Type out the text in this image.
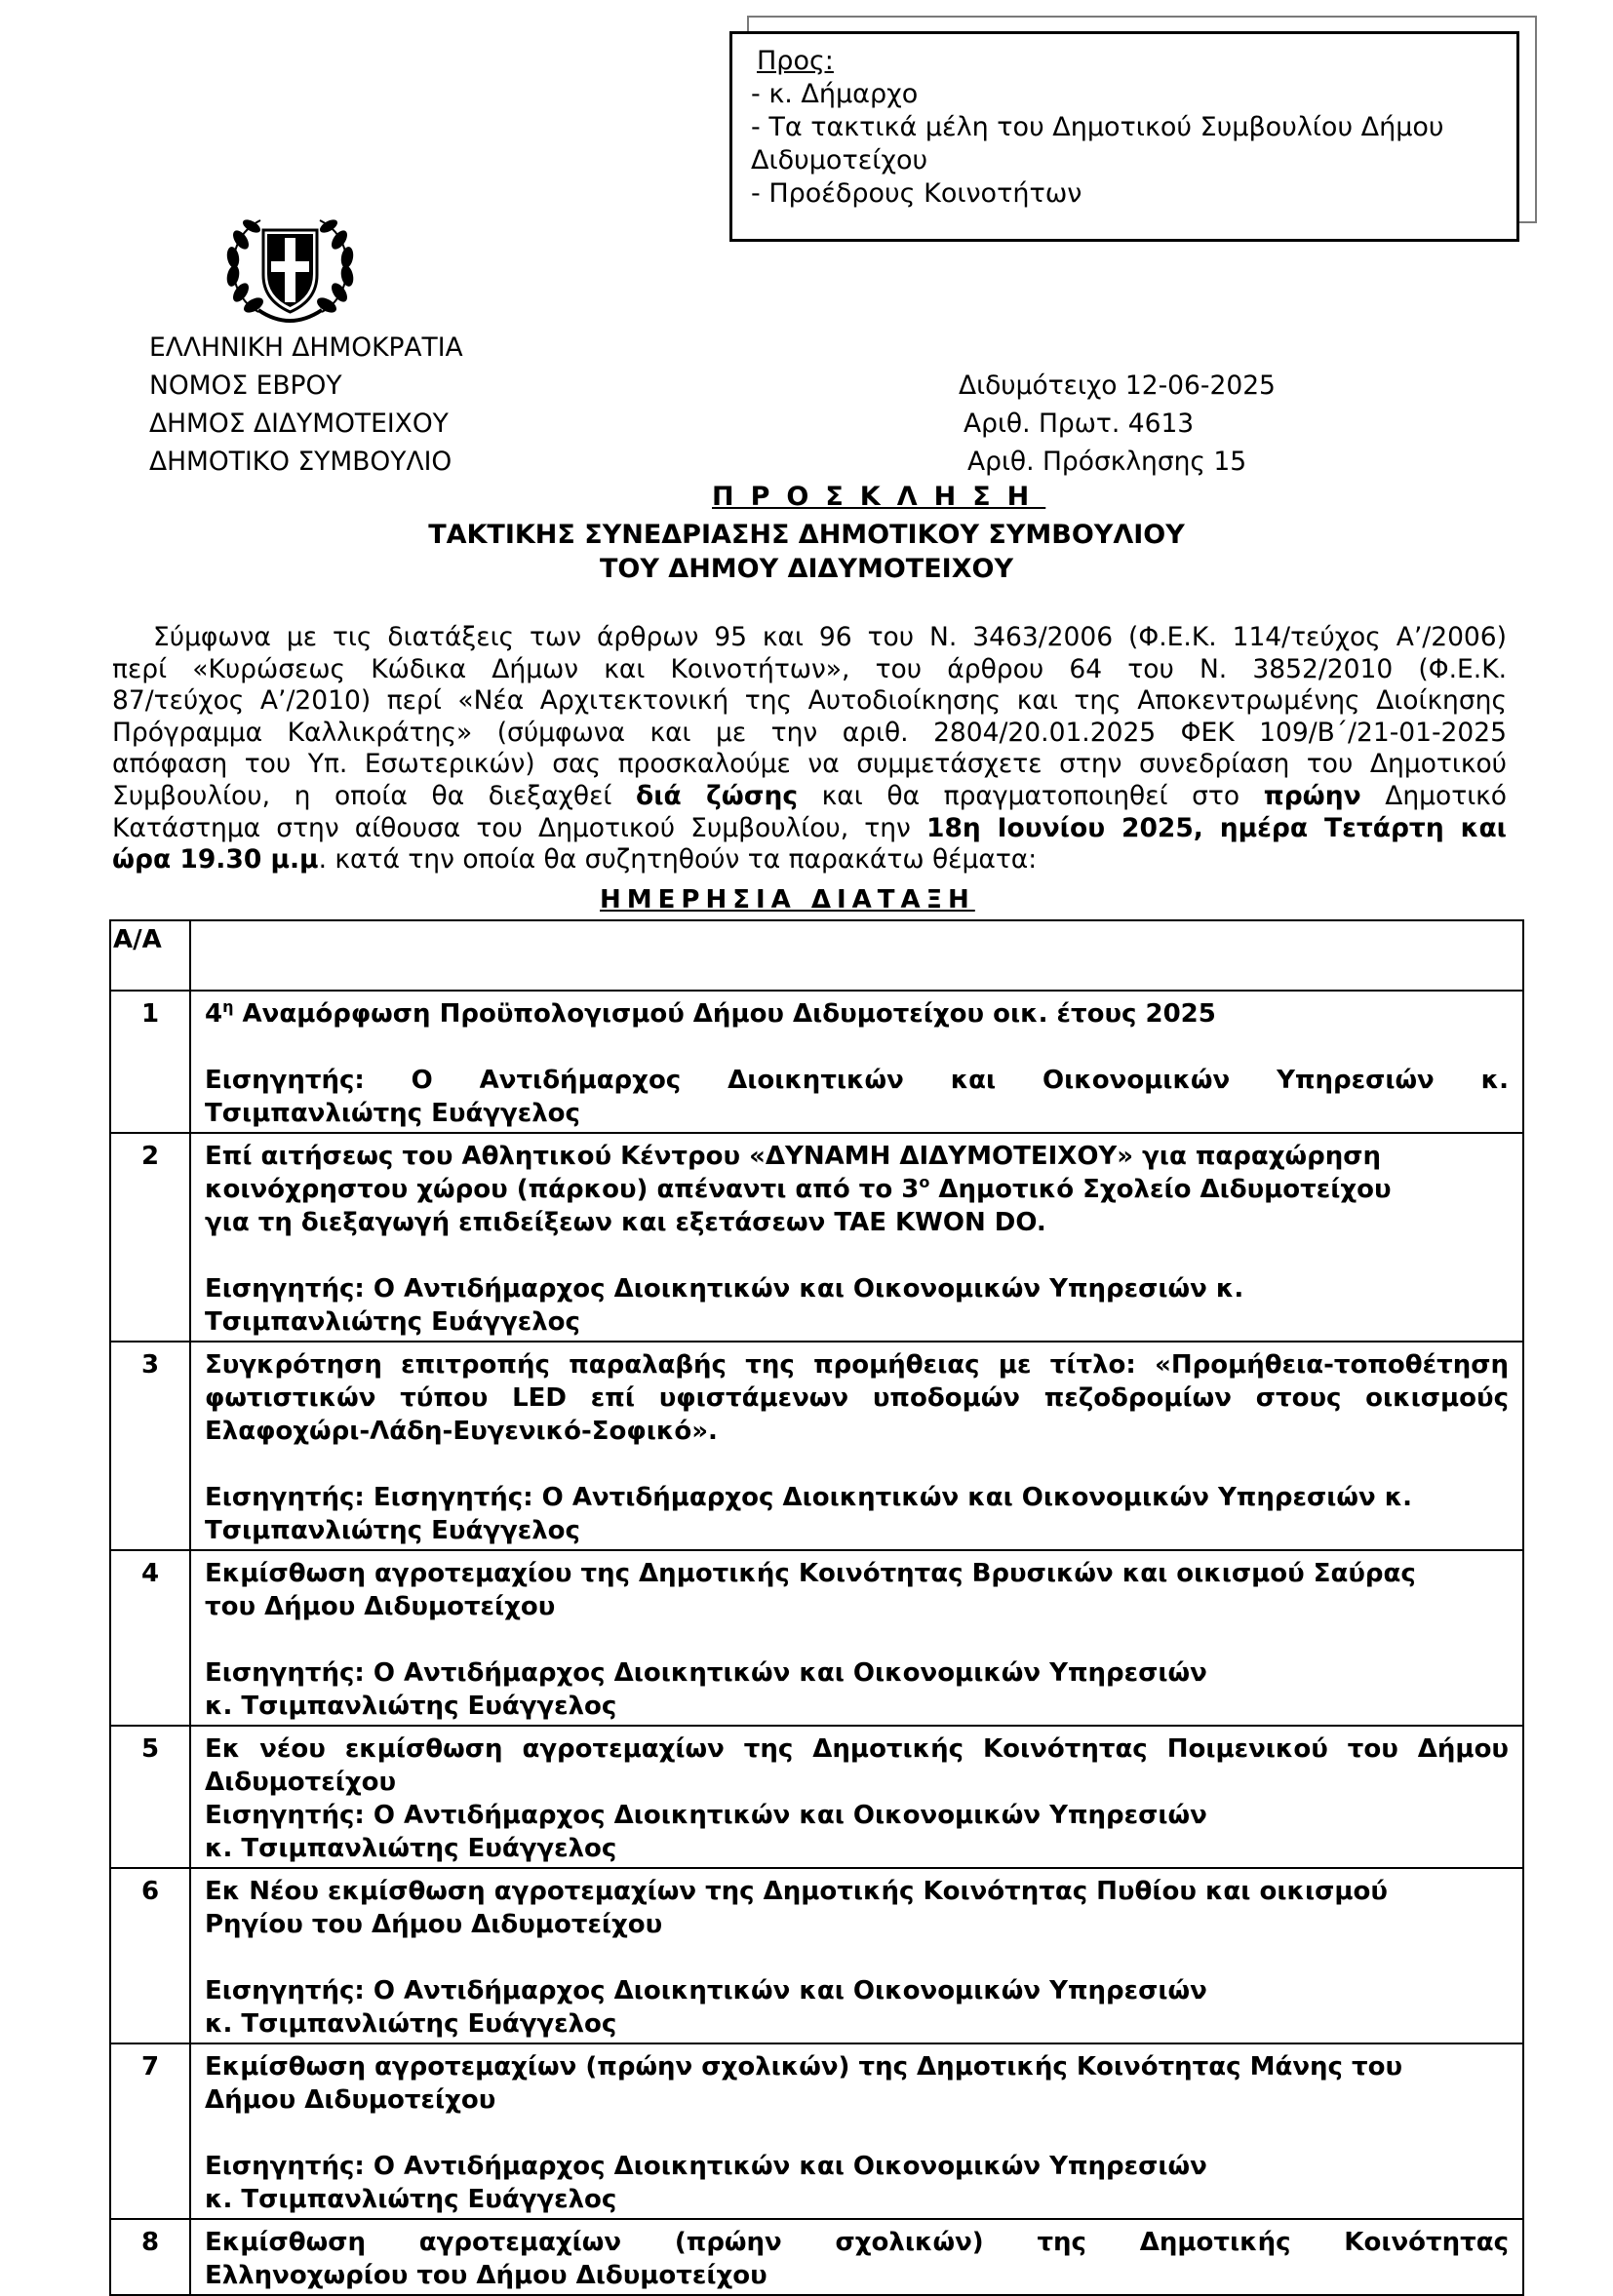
Προς:
- κ. Δήμαρχο
- Τα τακτικά μέλη του Δημοτικού Συμβουλίου Δήμου
Διδυμοτείχου
- Προέδρους Κοινοτήτων
ΕΛΛΗΝΙΚΗ ΔΗΜΟΚΡΑΤΙΑ
ΝΟΜΟΣ ΕΒΡΟΥ
ΔΗΜΟΣ ΔΙΔΥΜΟΤΕΙΧΟΥ
ΔΗΜΟΤΙΚΟ ΣΥΜΒΟΥΛΙΟ
Διδυμότειχο 12-06-2025
Αριθ. Πρωτ. 4613
Αριθ. Πρόσκλησης 15
ΠΡΟΣΚΛΗΣΗ
ΤΑΚΤΙΚΗΣ ΣΥΝΕΔΡΙΑΣΗΣ ΔΗΜΟΤΙΚΟΥ ΣΥΜΒΟΥΛΙΟΥ
ΤΟΥ ΔΗΜΟΥ ΔΙΔΥΜΟΤΕΙΧΟΥ
Σύμφωνα με τις διατάξεις των άρθρων 95 και 96 του Ν. 3463/2006 (Φ.Ε.Κ. 114/τεύχος Α’/2006)
περί «Κυρώσεως Κώδικα Δήμων και Κοινοτήτων», του άρθρου 64 του Ν. 3852/2010 (Φ.Ε.Κ.
87/τεύχος Α’/2010) περί «Νέα Αρχιτεκτονική της Αυτοδιοίκησης και της Αποκεντρωμένης Διοίκησης
Πρόγραμμα Καλλικράτης» (σύμφωνα και με την αριθ. 2804/20.01.2025 ΦΕΚ 109/Β΄/21-01-2025
απόφαση του Υπ. Εσωτερικών) σας προσκαλούμε να συμμετάσχετε στην συνεδρίαση του Δημοτικού
Συμβουλίου, η οποία θα διεξαχθεί διά ζώσης και θα πραγματοποιηθεί στο πρώην Δημοτικό
Κατάστημα στην αίθουσα του Δημοτικού Συμβουλίου, την 18η Ιουνίου 2025, ημέρα Τετάρτη και
ώρα 19.30 μ.μ. κατά την οποία θα συζητηθούν τα παρακάτω θέματα:
ΗΜΕΡΗΣΙΑ ΔΙΑΤΑΞΗ
Α/Α	
1	$4^\eta$ Αναμόρφωση Προϋπολογισμού Δήμου Διδυμοτείχου οικ. έτους 2025
Εισηγητής: Ο Αντιδήμαρχος Διοικητικών και Οικονομικών Υπηρεσιών κ.
Τσιμπανλιώτης Ευάγγελος

2	Επί αιτήσεως του Αθλητικού Κέντρου «ΔΥΝΑΜΗ ΔΙΔΥΜΟΤΕΙΧΟΥ» για παραχώρηση
κοινόχρηστου χώρου (πάρκου) απέναντι από το $3^o$ Δημοτικό Σχολείο Διδυμοτείχου
για τη διεξαγωγή επιδείξεων και εξετάσεων TAE KWON DO.
Εισηγητής: Ο Αντιδήμαρχος Διοικητικών και Οικονομικών Υπηρεσιών κ.
Τσιμπανλιώτης Ευάγγελος

3	Συγκρότηση επιτροπής παραλαβής της προμήθειας με τίτλο: «Προμήθεια-τοποθέτηση
φωτιστικών τύπου LED επί υφιστάμενων υποδομών πεζοδρομίων στους οικισμούς
Ελαφοχώρι-Λάδη-Ευγενικό-Σοφικό».
Εισηγητής: Εισηγητής: Ο Αντιδήμαρχος Διοικητικών και Οικονομικών Υπηρεσιών κ.
Τσιμπανλιώτης Ευάγγελος

4	Εκμίσθωση αγροτεμαχίου της Δημοτικής Κοινότητας Βρυσικών και οικισμού Σαύρας
του Δήμου Διδυμοτείχου
Εισηγητής: Ο Αντιδήμαρχος Διοικητικών και Οικονομικών Υπηρεσιών
κ. Τσιμπανλιώτης Ευάγγελος

5	Εκ νέου εκμίσθωση αγροτεμαχίων της Δημοτικής Κοινότητας Ποιμενικού του Δήμου
Διδυμοτείχου
Εισηγητής: Ο Αντιδήμαρχος Διοικητικών και Οικονομικών Υπηρεσιών
κ. Τσιμπανλιώτης Ευάγγελος

6	Εκ Νέου εκμίσθωση αγροτεμαχίων της Δημοτικής Κοινότητας Πυθίου και οικισμού
Ρηγίου του Δήμου Διδυμοτείχου
Εισηγητής: Ο Αντιδήμαρχος Διοικητικών και Οικονομικών Υπηρεσιών
κ. Τσιμπανλιώτης Ευάγγελος

7	Εκμίσθωση αγροτεμαχίων (πρώην σχολικών) της Δημοτικής Κοινότητας Μάνης του
Δήμου Διδυμοτείχου
Εισηγητής: Ο Αντιδήμαρχος Διοικητικών και Οικονομικών Υπηρεσιών
κ. Τσιμπανλιώτης Ευάγγελος

8	Εκμίσθωση αγροτεμαχίων (πρώην σχολικών) της Δημοτικής Κοινότητας
Ελληνοχωρίου του Δήμου Διδυμοτείχου
